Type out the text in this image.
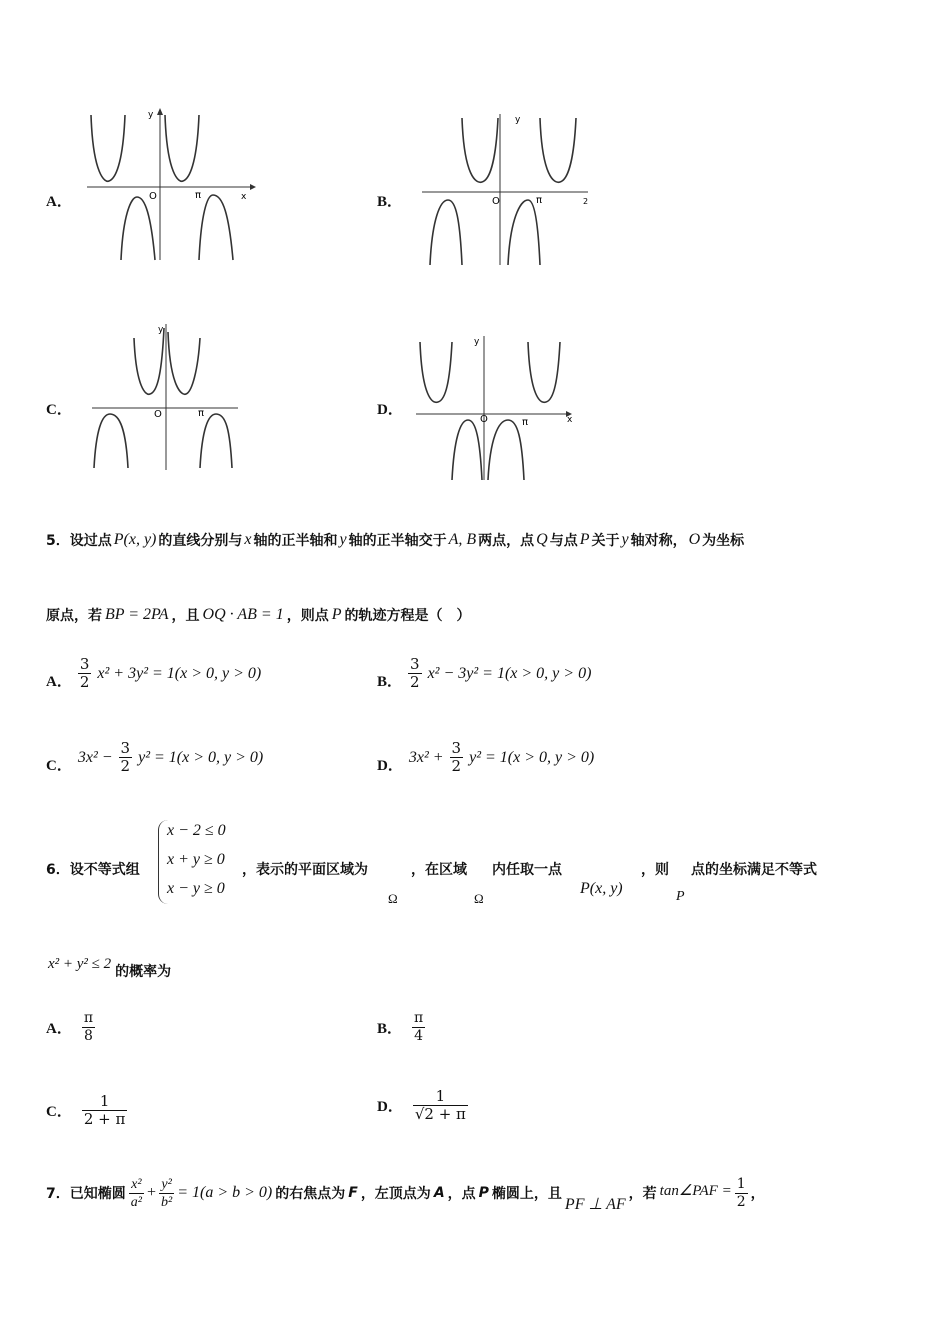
A．	O	π	x
y
B．	O	π	2
y
C．	O	π
y
D．
O	π	x
y
5．设过点 P(x, y) 的直线分别与 x 轴的正半轴和 y 轴的正半轴交于 A, B 两点，点 Q 与点 P 关于 y 轴对称， O 为坐标
原点，若 BP = 2PA ，且 OQ · AB = 1 ，则点 P 的轨迹方程是（　）
A． $\frac{3}{2} x^2 + 3y^2 = 1(x > 0$, y > 0)
B． $\frac{3}{2} x^2 - 3y^2 = 1(x > 0$, y > 0)
C．
$3x^2 - \frac{3}{2} y^2 = 1(x > 0$, y > 0)
D．
$3x^2 + \frac{3}{2} y^2 = 1(x > 0$, y > 0)
6．设不等式组
x − 2 ≤ 0
x + y ≥ 0
x − y ≥ 0
，表示的平面区域为
Ω
，在区域
Ω
内任取一点
P(x, y)
，则
P
点的坐标满足不等式
x² + y² ≤ 2
的概率为
A． $\frac{\pi}{8}$	B． $\frac{\pi}{4}$
C． $\frac{1}{2 + \pi}$	D． $\frac{1}{√2 + \pi}$
7．已知椭圆 $\frac{\text{x²}}{\text{a²}} + \frac{\text{y²}}{\text{b²}} = 1(a > b > 0)$ 的右焦点为 F ，左顶点为 A ，点 P 椭圆上，且
PF ⊥ AF
，若 tan∠PAF = $\frac{1}{2}$ ，
